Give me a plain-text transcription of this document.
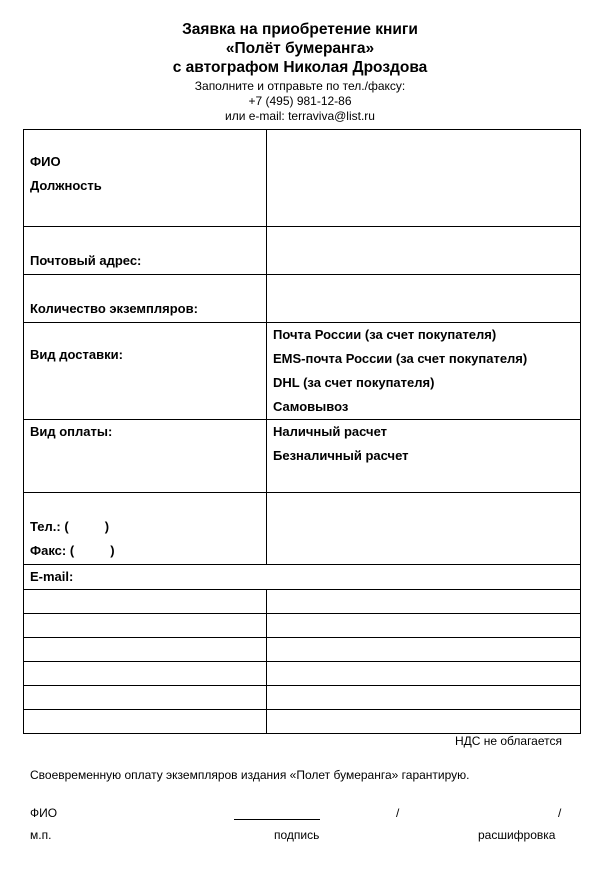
Заявка на приобретение книги
«Полёт бумеранга»
с автографом Николая Дроздова
Заполните и отправьте по тел./факсу:
+7 (495) 981-12-86
или e-mail: terraviva@list.ru
ФИО
Должность	

Почтовый адрес:	
Количество экземпляров:	
Вид доставки:	Почта России (за счет покупателя)
EMS-почта России (за счет покупателя)
DHL (за счет покупателя)
Самовывоз

Вид оплаты:	Наличный расчет
Безналичный расчет

Тел.: (          )
Факс: (          )	

E-mail:	

НДС не облагается
Своевременную оплату экземпляров издания «Полет бумеранга» гарантирую.
ФИО	/	/
м.п.	подпись	расшифровка
